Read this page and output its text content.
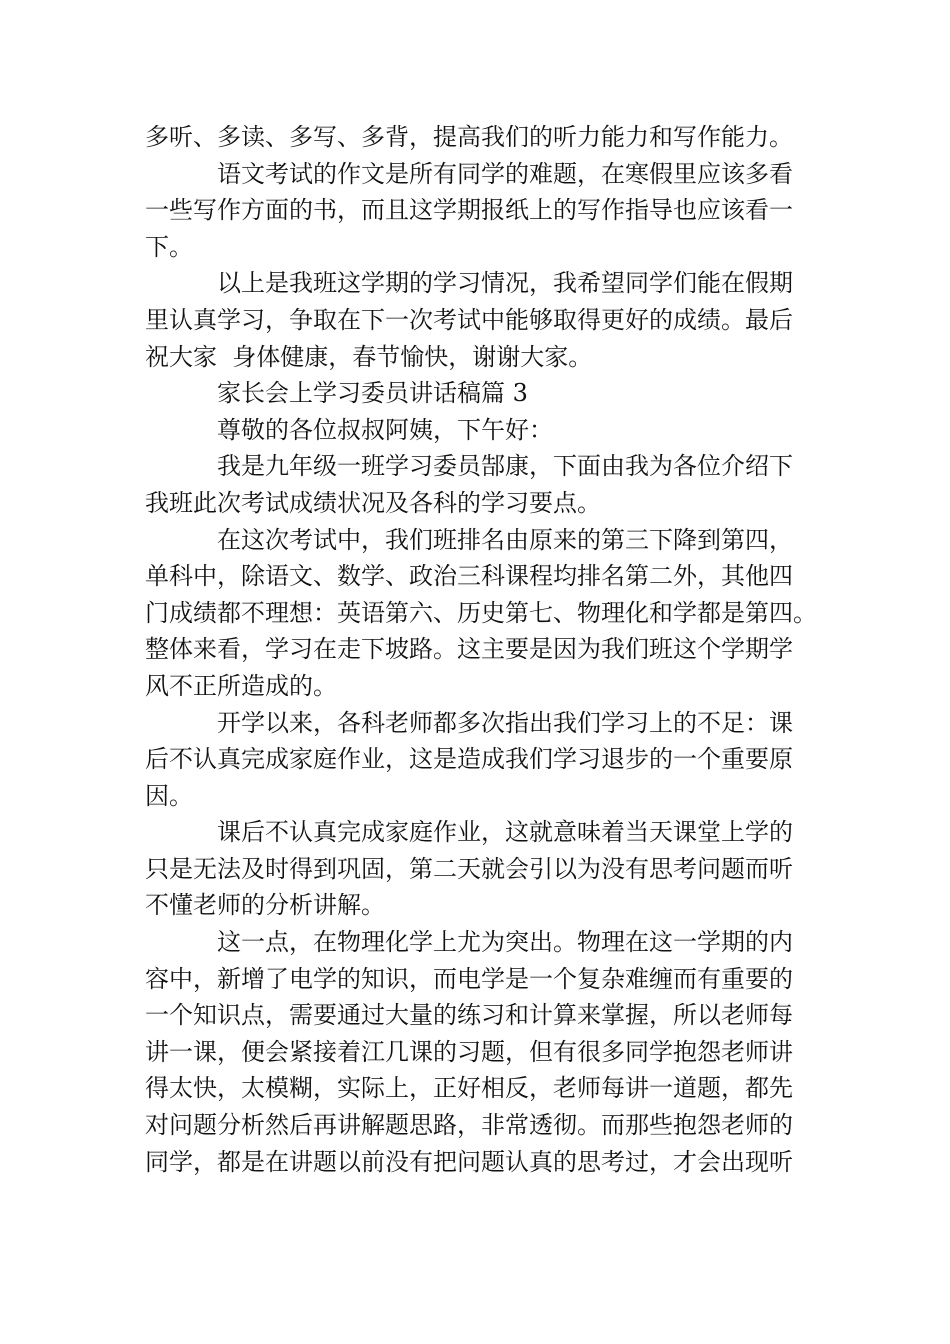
多听、多读、多写、多背，提高我们的听力能力和写作能力。
语文考试的作文是所有同学的难题，在寒假里应该多看
一些写作方面的书，而且这学期报纸上的写作指导也应该看一
下。
以上是我班这学期的学习情况，我希望同学们能在假期
里认真学习，争取在下一次考试中能够取得更好的成绩。最后
祝大家  身体健康，春节愉快，谢谢大家。
家长会上学习委员讲话稿篇 3
尊敬的各位叔叔阿姨，下午好：
我是九年级一班学习委员郜康，下面由我为各位介绍下
我班此次考试成绩状况及各科的学习要点。
在这次考试中，我们班排名由原来的第三下降到第四，
单科中，除语文、数学、政治三科课程均排名第二外，其他四
门成绩都不理想：英语第六、历史第七、物理化和学都是第四。
整体来看，学习在走下坡路。这主要是因为我们班这个学期学
风不正所造成的。
开学以来，各科老师都多次指出我们学习上的不足：课
后不认真完成家庭作业，这是造成我们学习退步的一个重要原
因。
课后不认真完成家庭作业，这就意味着当天课堂上学的
只是无法及时得到巩固，第二天就会引以为没有思考问题而听
不懂老师的分析讲解。
这一点，在物理化学上尤为突出。物理在这一学期的内
容中，新增了电学的知识，而电学是一个复杂难缠而有重要的
一个知识点，需要通过大量的练习和计算来掌握，所以老师每
讲一课，便会紧接着江几课的习题，但有很多同学抱怨老师讲
得太快，太模糊，实际上，正好相反，老师每讲一道题，都先
对问题分析然后再讲解题思路，非常透彻。而那些抱怨老师的
同学，都是在讲题以前没有把问题认真的思考过，才会出现听
